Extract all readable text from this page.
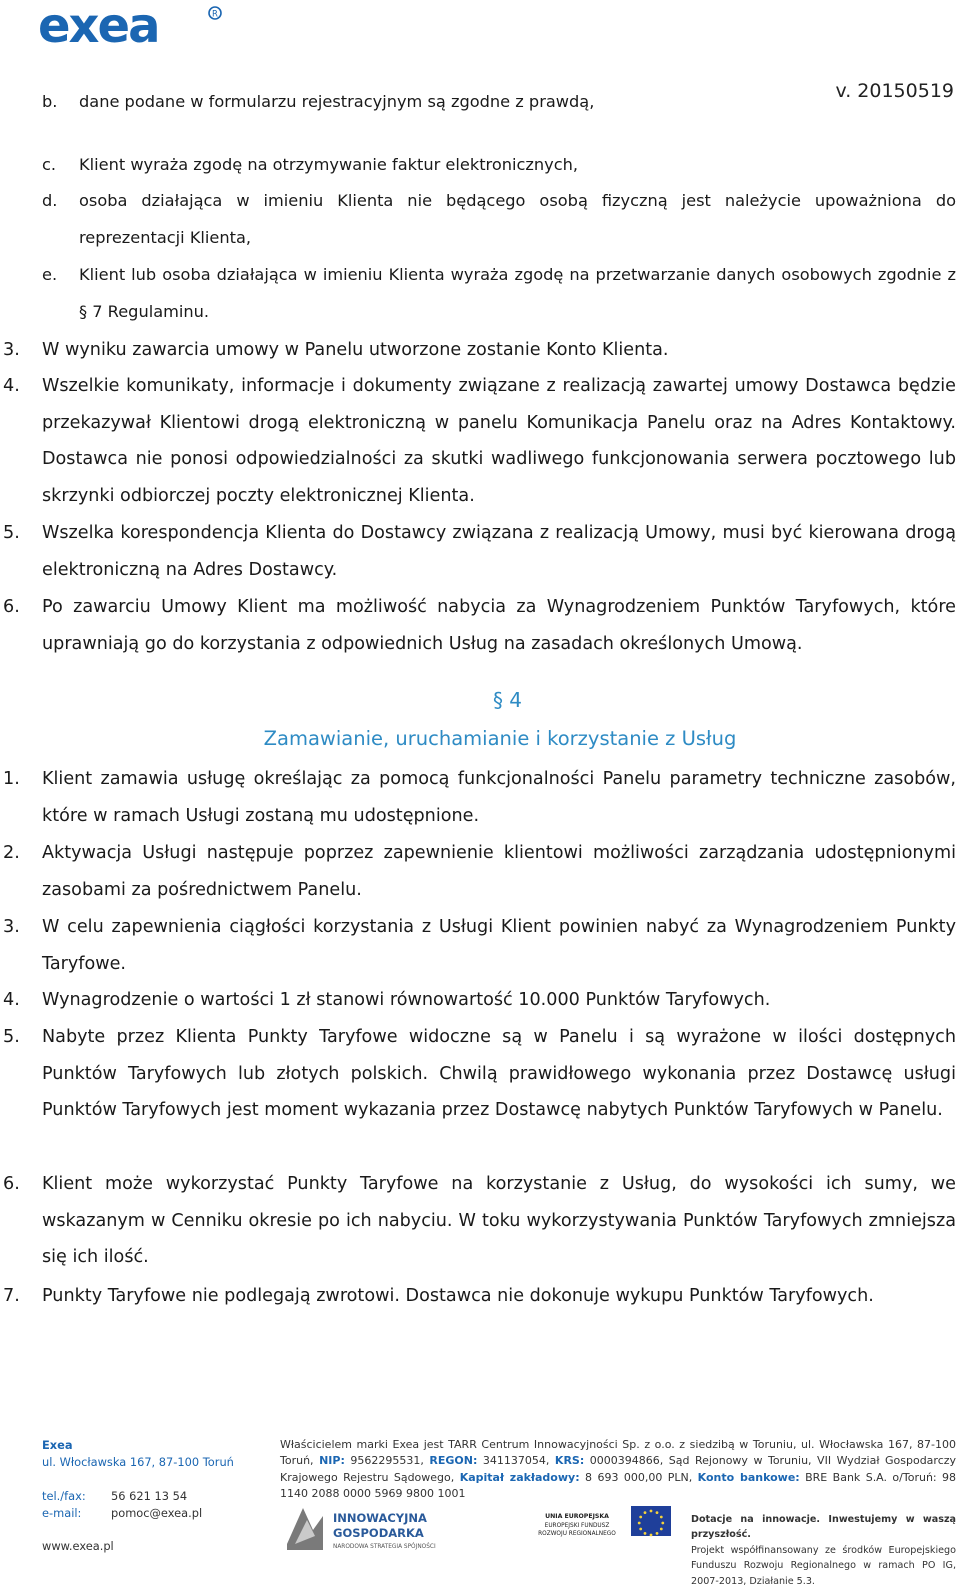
exea	R
v. 20150519
b. dane podane w formularzu rejestracyjnym są zgodne z prawdą,
c. Klient wyraża zgodę na otrzymywanie faktur elektronicznych,
d. osoba działająca w imieniu Klienta nie będącego osobą fizyczną jest należycie upoważniona do reprezentacji Klienta,
e. Klient lub osoba działająca w imieniu Klienta wyraża zgodę na przetwarzanie danych osobowych zgodnie z § 7 Regulaminu.
3. W wyniku zawarcia umowy w Panelu utworzone zostanie Konto Klienta.
4. Wszelkie komunikaty, informacje i dokumenty związane z realizacją zawartej umowy Dostawca będzie przekazywał Klientowi drogą elektroniczną w panelu Komunikacja Panelu oraz na Adres Kontaktowy. Dostawca nie ponosi odpowiedzialności za skutki wadliwego funkcjonowania serwera pocztowego lub skrzynki odbiorczej poczty elektronicznej Klienta.
5. Wszelka korespondencja Klienta do Dostawcy związana z realizacją Umowy, musi być kierowana drogą elektroniczną na Adres Dostawcy.
6. Po zawarciu Umowy Klient ma możliwość nabycia za Wynagrodzeniem Punktów Taryfowych, które uprawniają go do korzystania z odpowiednich Usług na zasadach określonych Umową.
§ 4
Zamawianie, uruchamianie i korzystanie z Usług
1. Klient zamawia usługę określając za pomocą funkcjonalności Panelu parametry techniczne zasobów, które w ramach Usługi zostaną mu udostępnione.
2. Aktywacja Usługi następuje poprzez zapewnienie klientowi możliwości zarządzania udostępnionymi zasobami za pośrednictwem Panelu.
3. W celu zapewnienia ciągłości korzystania z Usługi Klient powinien nabyć za Wynagrodzeniem Punkty Taryfowe.
4. Wynagrodzenie o wartości 1 zł stanowi równowartość 10.000 Punktów Taryfowych.
5. Nabyte przez Klienta Punkty Taryfowe widoczne są w Panelu i są wyrażone w ilości dostępnych Punktów Taryfowych lub złotych polskich. Chwilą prawidłowego wykonania przez Dostawcę usługi Punktów Taryfowych jest moment wykazania przez Dostawcę nabytych Punktów Taryfowych w Panelu.
6. Klient może wykorzystać Punkty Taryfowe na korzystanie z Usług, do wysokości ich sumy, we wskazanym w Cenniku okresie po ich nabyciu. W toku wykorzystywania Punktów Taryfowych zmniejsza się ich ilość.
7. Punkty Taryfowe nie podlegają zwrotowi. Dostawca nie dokonuje wykupu Punktów Taryfowych.
Exea
ul. Włocławska 167, 87-100 Toruń
tel./fax: 56 621 13 54
e-mail:	pomoc@exea.pl
www.exea.pl
Właścicielem marki Exea jest TARR Centrum Innowacyjności Sp. z o.o. z siedzibą w Toruniu, ul. Włocławska 167, 87-100 Toruń, NIP: 9562295531, REGON: 341137054, KRS: 0000394866, Sąd Rejonowy w Toruniu, VII Wydział Gospodarczy Krajowego Rejestru Sądowego, Kapitał zakładowy: 8 693 000,00 PLN, Konto bankowe: BRE Bank S.A. o/Toruń: 98 1140 2088 0000 5969 9800 1001
INNOWACYJNA
GOSPODARKA
NARODOWA STRATEGIA SPÓJNOŚCI
UNIA EUROPEJSKA
EUROPEJSKI FUNDUSZ
ROZWOJU REGIONALNEGO
Dotacje na innowacje. Inwestujemy w waszą przyszłość.
Projekt współfinansowany ze środków Europejskiego Funduszu Rozwoju Regionalnego w ramach PO IG, 2007-2013, Działanie 5.3.
